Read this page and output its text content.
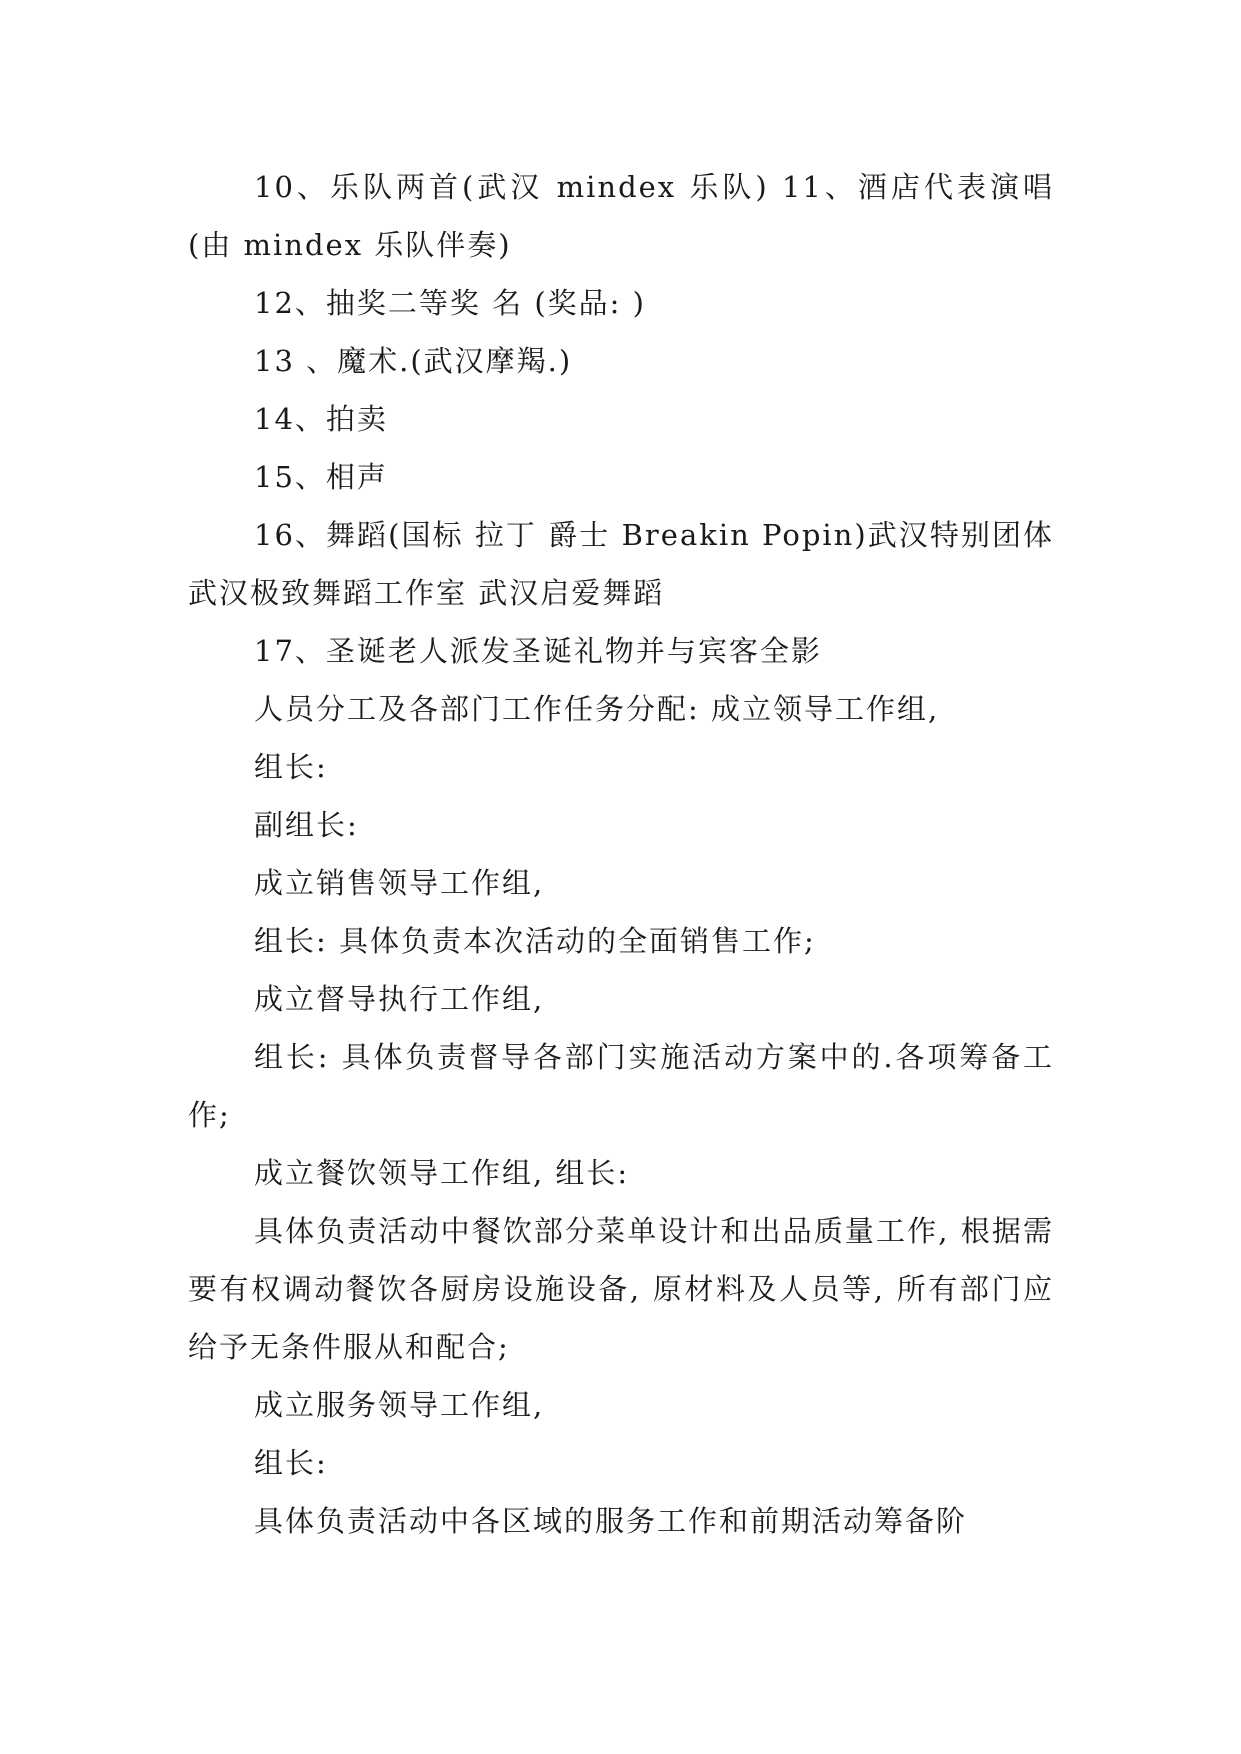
10、乐队两首(武汉 mindex 乐队) 11、酒店代表演唱(由 mindex 乐队伴奏)

12、抽奖二等奖 名 (奖品: )

13 、魔术.(武汉摩羯.)

14、拍卖

15、相声

16、舞蹈(国标 拉丁 爵士 Breakin Popin)武汉特别团体 武汉极致舞蹈工作室 武汉启爱舞蹈

17、圣诞老人派发圣诞礼物并与宾客全影

人员分工及各部门工作任务分配: 成立领导工作组,

组长:

副组长:

成立销售领导工作组,

组长: 具体负责本次活动的全面销售工作;

成立督导执行工作组,

组长: 具体负责督导各部门实施活动方案中的.各项筹备工作;

成立餐饮领导工作组, 组长:

具体负责活动中餐饮部分菜单设计和出品质量工作, 根据需要有权调动餐饮各厨房设施设备, 原材料及人员等, 所有部门应给予无条件服从和配合;

成立服务领导工作组,

组长:

具体负责活动中各区域的服务工作和前期活动筹备阶
